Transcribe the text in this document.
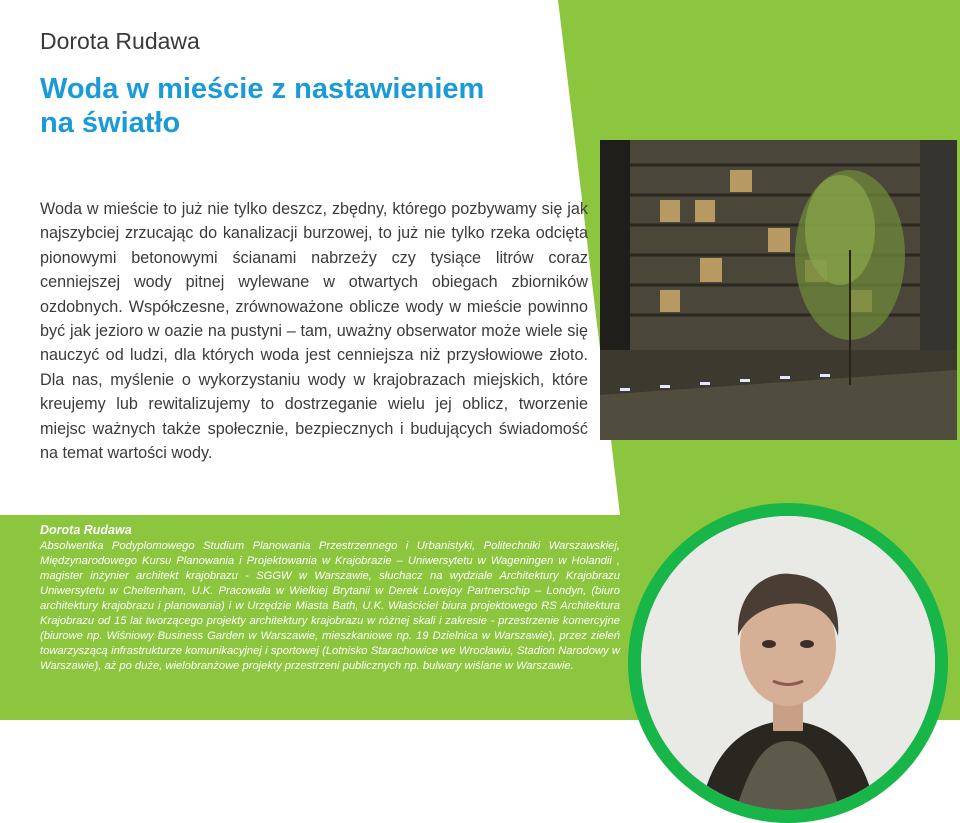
Dorota Rudawa
Woda w mieście z nastawieniem
na światło

Woda w mieście to już nie tylko deszcz, zbędny, którego pozbywamy się jak najszybciej zrzucając do kanalizacji burzowej, to już nie tylko rzeka odcięta pionowymi betonowymi ścianami nabrzeży czy tysiące litrów coraz cenniejszej wody pitnej wylewane w otwartych obiegach zbiorników ozdobnych. Współczesne, zrównoważone oblicze wody w mieście powinno być jak jezioro w oazie na pustyni – tam, uważny obserwator może wiele się nauczyć od ludzi, dla których woda jest cenniejsza niż przysłowiowe złoto. Dla nas, myślenie o wykorzystaniu wody w krajobrazach miejskich, które kreujemy lub rewitalizujemy to dostrzeganie wielu jej oblicz, tworzenie miejsc ważnych także społecznie, bezpiecznych i budujących świadomość na temat wartości wody.

Dorota Rudawa

Absolwentka Podyplomowego Studium Planowania Przestrzennego i Urbanistyki, Politechniki Warszawskiej, Międzynarodowego Kursu Planowania i Projektowania w Krajobrazie – Uniwersytetu w Wageningen w Holandii , magister inżynier architekt krajobrazu - SGGW w Warszawie, słuchacz na wydziale Architektury Krajobrazu Uniwersytetu w Cheltenham, U.K. Pracowała w Wielkiej Brytanii w Derek Lovejoy Partnerschip – Londyn, (biuro architektury krajobrazu i planowania) i w Urzędzie Miasta Bath, U.K. Właściciel biura projektowego RS Architektura Krajobrazu od 15 lat tworzącego projekty architektury krajobrazu w różnej skali i zakresie - przestrzenie komercyjne (biurowe np. Wiśniowy Business Garden w Warszawie, mieszkaniowe np. 19 Dzielnica w Warszawie), przez zieleń towarzyszącą infrastrukturze komunikacyjnej i sportowej (Lotnisko Starachowice we Wrocławiu, Stadion Narodowy w Warszawie), aż po duże, wielobranżowe projekty przestrzeni publicznych np. bulwary wiślane w Warszawie.
